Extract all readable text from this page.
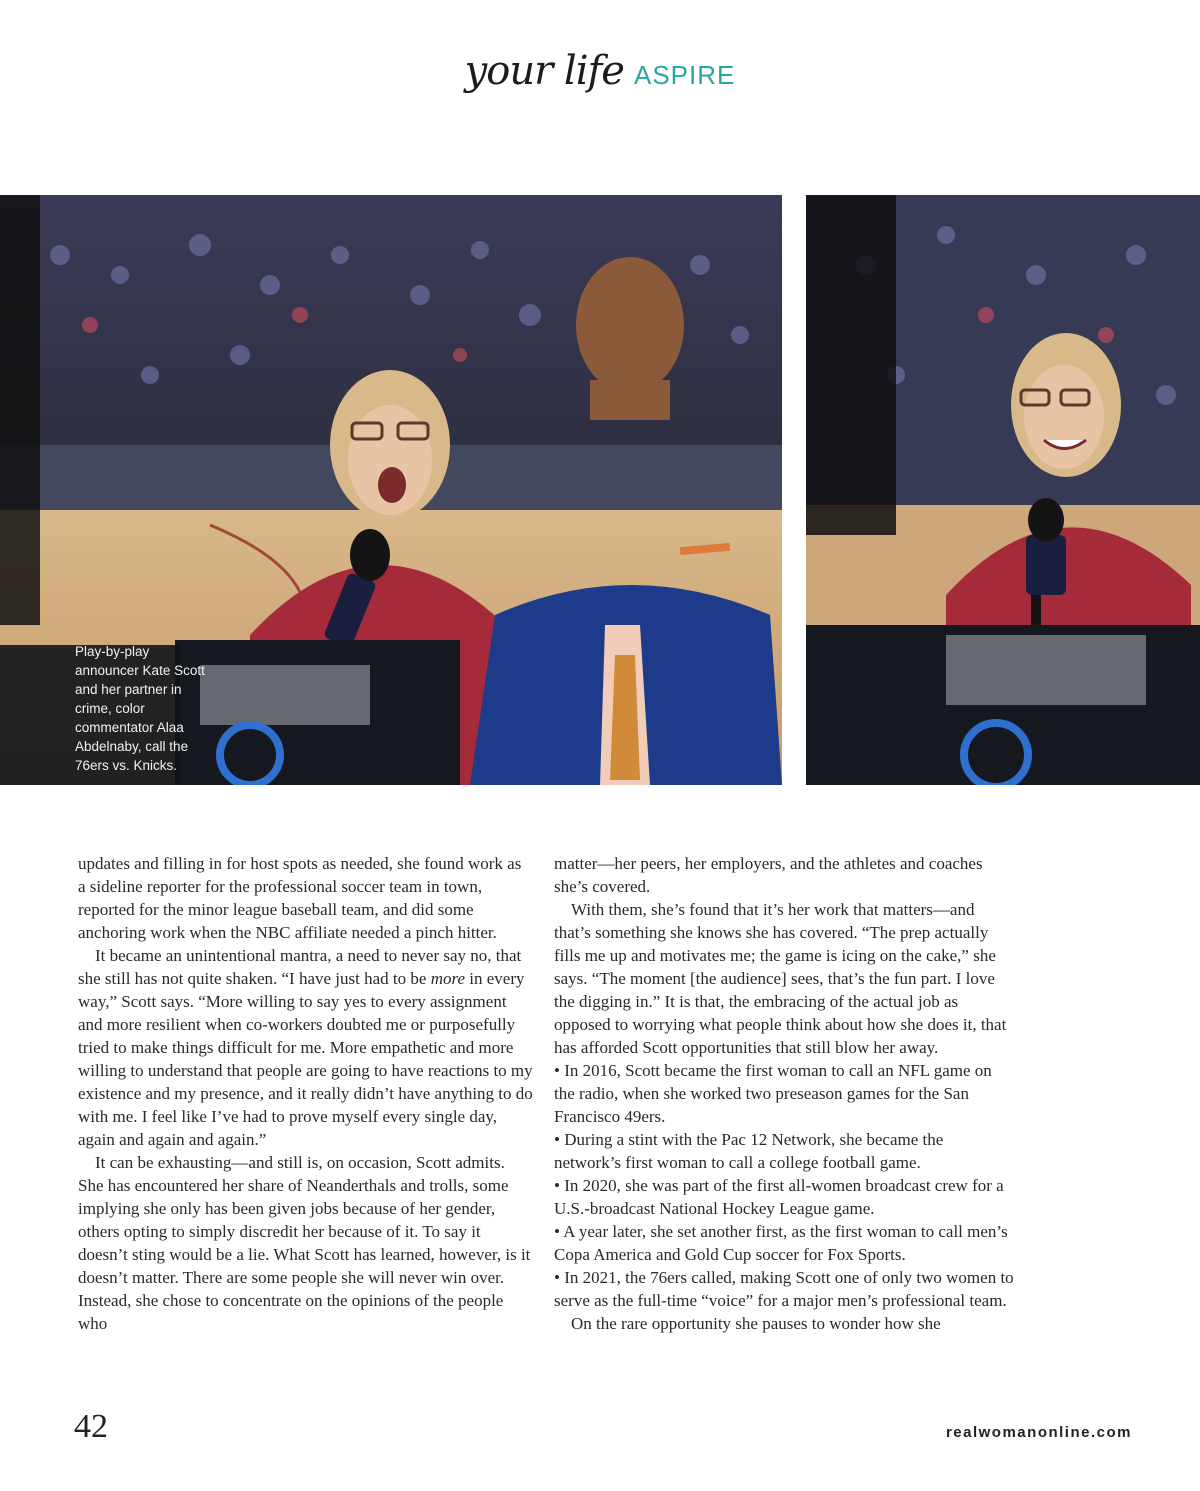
your life ASPIRE
Play-by-play announcer Kate Scott and her partner in crime, color commentator Alaa Abdelnaby, call the 76ers vs. Knicks.

updates and filling in for host spots as needed, she found work as a sideline reporter for the professional soccer team in town, reported for the minor league baseball team, and did some anchoring work when the NBC affiliate needed a pinch hitter.

It became an unintentional mantra, a need to never say no, that she still has not quite shaken. “I have just had to be more in every way,” Scott says. “More willing to say yes to every assignment and more resilient when co-workers doubted me or purposefully tried to make things difficult for me. More empathetic and more willing to understand that people are going to have reactions to my existence and my presence, and it really didn’t have anything to do with me. I feel like I’ve had to prove myself every single day, again and again and again.”

It can be exhausting—and still is, on occasion, Scott admits. She has encountered her share of Neanderthals and trolls, some implying she only has been given jobs because of her gender, others opting to simply discredit her because of it. To say it doesn’t sting would be a lie. What Scott has learned, however, is it doesn’t matter. There are some people she will never win over. Instead, she chose to concentrate on the opinions of the people who

matter—her peers, her employers, and the athletes and coaches she’s covered.

With them, she’s found that it’s her work that matters—and that’s something she knows she has covered. “The prep actually fills me up and motivates me; the game is icing on the cake,” she says. “The moment [the audience] sees, that’s the fun part. I love the digging in.” It is that, the embracing of the actual job as opposed to worrying what people think about how she does it, that has afforded Scott opportunities that still blow her away.

• In 2016, Scott became the first woman to call an NFL game on the radio, when she worked two preseason games for the San Francisco 49ers.

• During a stint with the Pac 12 Network, she became the network’s first woman to call a college football game.

• In 2020, she was part of the first all-women broadcast crew for a U.S.-broadcast National Hockey League game.

• A year later, she set another first, as the first woman to call men’s Copa America and Gold Cup soccer for Fox Sports.

• In 2021, the 76ers called, making Scott one of only two women to serve as the full-time “voice” for a major men’s professional team.

On the rare opportunity she pauses to wonder how she

42	realwomanonline.com
